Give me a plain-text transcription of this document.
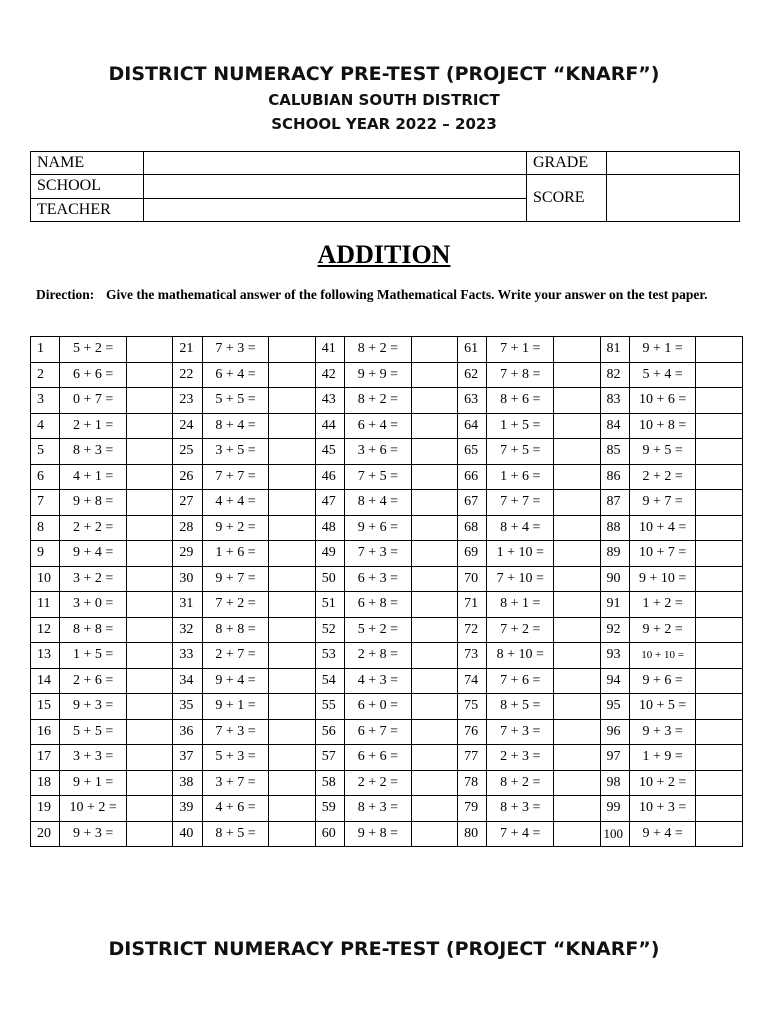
DISTRICT NUMERACY PRE-TEST (PROJECT “KNARF”)
CALUBIAN SOUTH DISTRICT
SCHOOL YEAR 2022 – 2023
NAME		GRADE	
SCHOOL		SCORE	
TEACHER			
ADDITION
Direction: Give the mathematical answer of the following Mathematical Facts. Write your answer on the test paper.
1	5 + 2 =		21	7 + 3 =		41	8 + 2 =		61	7 + 1 =		81	9 + 1 =	
2	6 + 6 =		22	6 + 4 =		42	9 + 9 =		62	7 + 8 =		82	5 + 4 =	
3	0 + 7 =		23	5 + 5 =		43	8 + 2 =		63	8 + 6 =		83	10 + 6 =	
4	2 + 1 =		24	8 + 4 =		44	6 + 4 =		64	1 + 5 =		84	10 + 8 =	
5	8 + 3 =		25	3 + 5 =		45	3 + 6 =		65	7 + 5 =		85	9 + 5 =	
6	4 + 1 =		26	7 + 7 =		46	7 + 5 =		66	1 + 6 =		86	2 + 2 =	
7	9 + 8 =		27	4 + 4 =		47	8 + 4 =		67	7 + 7 =		87	9 + 7 =	
8	2 + 2 =		28	9 + 2 =		48	9 + 6 =		68	8 + 4 =		88	10 + 4 =	
9	9 + 4 =		29	1 + 6 =		49	7 + 3 =		69	1 + 10 =		89	10 + 7 =	
10	3 + 2 =		30	9 + 7 =		50	6 + 3 =		70	7 + 10 =		90	9 + 10 =	
11	3 + 0 =		31	7 + 2 =		51	6 + 8 =		71	8 + 1 =		91	1 + 2 =	
12	8 + 8 =		32	8 + 8 =		52	5 + 2 =		72	7 + 2 =		92	9 + 2 =	
13	1 + 5 =		33	2 + 7 =		53	2 + 8 =		73	8 + 10 =		93	10 + 10 =	
14	2 + 6 =		34	9 + 4 =		54	4 + 3 =		74	7 + 6 =		94	9 + 6 =	
15	9 + 3 =		35	9 + 1 =		55	6 + 0 =		75	8 + 5 =		95	10 + 5 =	
16	5 + 5 =		36	7 + 3 =		56	6 + 7 =		76	7 + 3 =		96	9 + 3 =	
17	3 + 3 =		37	5 + 3 =		57	6 + 6 =		77	2 + 3 =		97	1 + 9 =	
18	9 + 1 =		38	3 + 7 =		58	2 + 2 =		78	8 + 2 =		98	10 + 2 =	
19	10 + 2 =		39	4 + 6 =		59	8 + 3 =		79	8 + 3 =		99	10 + 3 =	
20	9 + 3 =		40	8 + 5 =		60	9 + 8 =		80	7 + 4 =		100	9 + 4 =	
DISTRICT NUMERACY PRE-TEST (PROJECT “KNARF”)
